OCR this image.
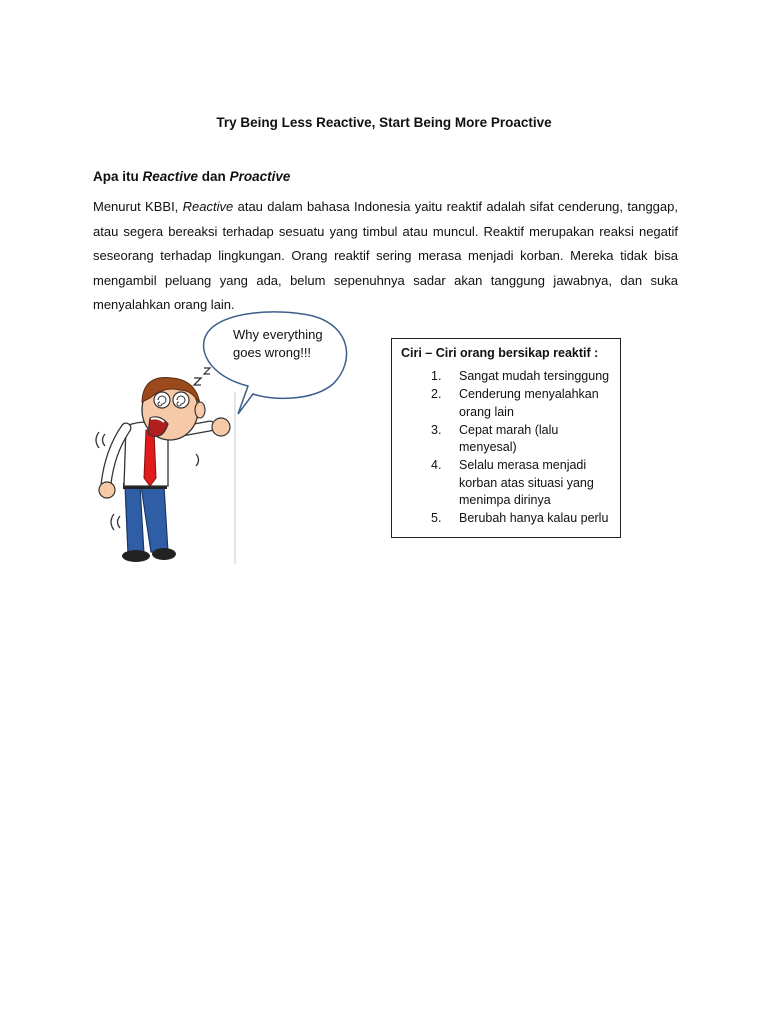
Try Being Less Reactive, Start Being More Proactive
Apa itu Reactive dan Proactive
Menurut KBBI, Reactive atau dalam bahasa Indonesia yaitu reaktif adalah sifat cenderung, tanggap, atau segera bereaksi terhadap sesuatu yang timbul atau muncul. Reaktif merupakan reaksi negatif seseorang terhadap lingkungan. Orang reaktif sering merasa menjadi korban. Mereka tidak bisa mengambil peluang yang ada, belum sepenuhnya sadar akan tanggung jawabnya, dan suka menyalahkan orang lain.
Why everything goes wrong!!!	Ciri – Ciri orang bersikap reaktif :
1.	Sangat mudah tersinggung
2.	Cenderung menyalahkan orang lain
3.	Cepat marah (lalu menyesal)
4.	Selalu merasa menjadi korban atas situasi yang menimpa dirinya
5.	Berubah hanya kalau perlu
